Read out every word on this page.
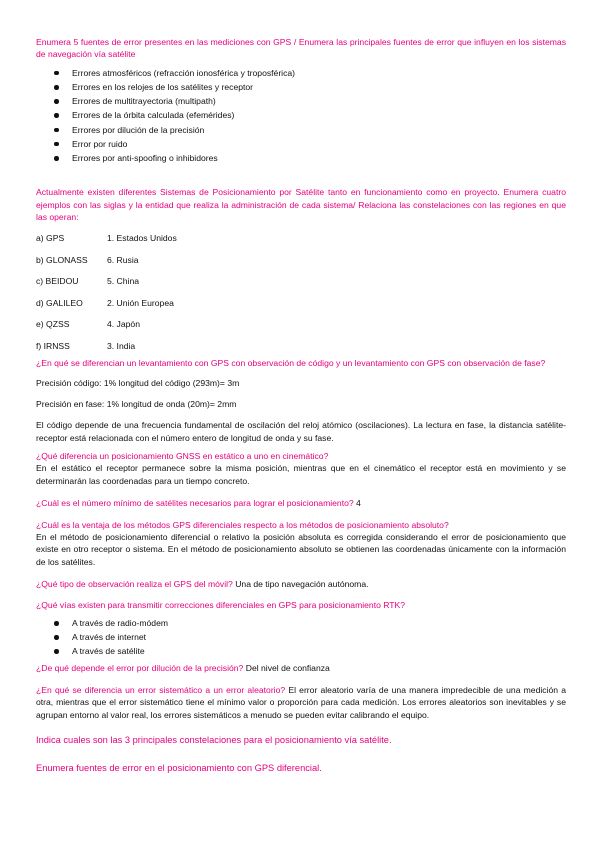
Enumera 5 fuentes de error presentes en las mediciones con GPS / Enumera las principales fuentes de error que influyen en los sistemas de navegación vía satélite

Errores atmosféricos (refracción ionosférica y troposférica)
Errores en los relojes de los satélites y receptor
Errores de multitrayectoria (multipath)
Errores de la órbita calculada (efemérides)
Errores por dilución de la precisión
Error por ruido
Errores por anti-spoofing o inhibidores

Actualmente existen diferentes Sistemas de Posicionamiento por Satélite tanto en funcionamiento como en proyecto. Enumera cuatro ejemplos con las siglas y la entidad que realiza la administración de cada sistema/ Relaciona las constelaciones con las regiones en que las operan:

a) GPS	1. Estados Unidos
b) GLONASS	6. Rusia
c) BEIDOU	5. China
d) GALILEO	2. Unión Europea
e) QZSS	4. Japón
f) IRNSS	3. India

¿En qué se diferencian un levantamiento con GPS con observación de código y un levantamiento con GPS con observación de fase?

Precisión código: 1% longitud del código (293m)= 3m

Precisión en fase: 1% longitud de onda (20m)= 2mm

El código depende de una frecuencia fundamental de oscilación del reloj atómico (oscilaciones). La lectura en fase, la distancia satélite-receptor está relacionada con el número entero de longitud de onda y su fase.

¿Qué diferencia un posicionamiento GNSS en estático a uno en cinemático?

En el estático el receptor permanece sobre la misma posición, mientras que en el cinemático el receptor está en movimiento y se determinarán las coordenadas para un tiempo concreto.

¿Cuál es el número mínimo de satélites necesarios para lograr el posicionamiento? 4

¿Cuál es la ventaja de los métodos GPS diferenciales respecto a los métodos de posicionamiento absoluto?

En el método de posicionamiento diferencial o relativo la posición absoluta es corregida considerando el error de posicionamiento que existe en otro receptor o sistema. En el método de posicionamiento absoluto se obtienen las coordenadas únicamente con la información de los satélites.

¿Qué tipo de observación realiza el GPS del móvil? Una de tipo navegación autónoma.

¿Qué vías existen para transmitir correcciones diferenciales en GPS para posicionamiento RTK?

A través de radio-módem
A través de internet
A través de satélite

¿De qué depende el error por dilución de la precisión? Del nivel de confianza

¿En qué se diferencia un error sistemático a un error aleatorio? El error aleatorio varía de una manera impredecible de una medición a otra, mientras que el error sistemático tiene el mínimo valor o proporción para cada medición. Los errores aleatorios son inevitables y se agrupan entorno al valor real, los errores sistemáticos a menudo se pueden evitar calibrando el equipo.

Indica cuales son las 3 principales constelaciones para el posicionamiento vía satélite.

Enumera fuentes de error en el posicionamiento con GPS diferencial.
